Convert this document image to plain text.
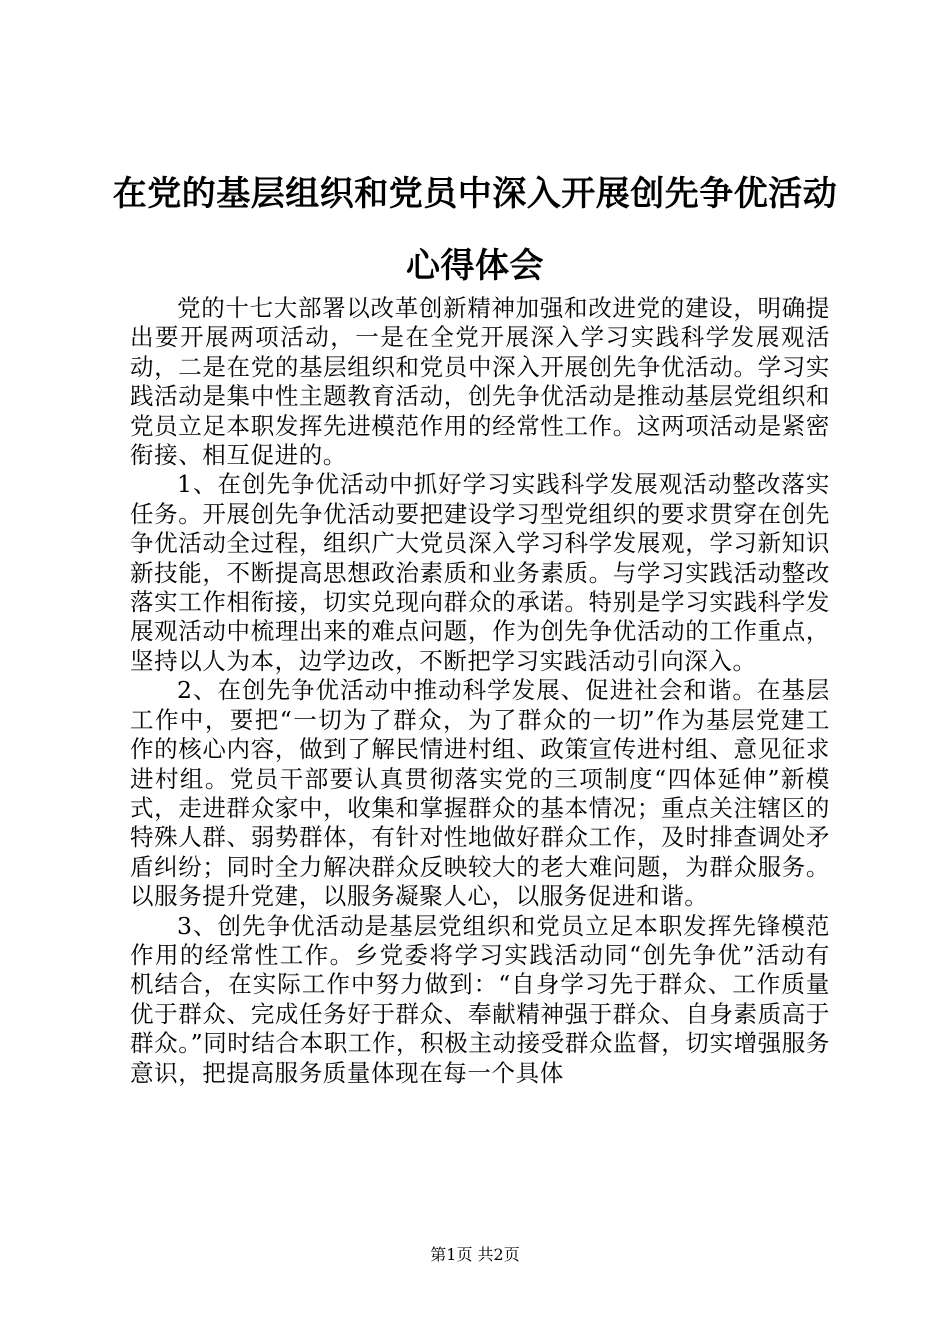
在党的基层组织和党员中深入开展创先争优活动心得体会

党的十七大部署以改革创新精神加强和改进党的建设，明确提出要开展两项活动，一是在全党开展深入学习实践科学发展观活动，二是在党的基层组织和党员中深入开展创先争优活动。学习实践活动是集中性主题教育活动，创先争优活动是推动基层党组织和党员立足本职发挥先进模范作用的经常性工作。这两项活动是紧密衔接、相互促进的。

1、在创先争优活动中抓好学习实践科学发展观活动整改落实任务。开展创先争优活动要把建设学习型党组织的要求贯穿在创先争优活动全过程，组织广大党员深入学习科学发展观，学习新知识新技能，不断提高思想政治素质和业务素质。与学习实践活动整改落实工作相衔接，切实兑现向群众的承诺。特别是学习实践科学发展观活动中梳理出来的难点问题，作为创先争优活动的工作重点，坚持以人为本，边学边改，不断把学习实践活动引向深入。

2、在创先争优活动中推动科学发展、促进社会和谐。在基层工作中，要把“一切为了群众，为了群众的一切”作为基层党建工作的核心内容，做到了解民情进村组、政策宣传进村组、意见征求进村组。党员干部要认真贯彻落实党的三项制度“四体延伸”新模式，走进群众家中，收集和掌握群众的基本情况；重点关注辖区的特殊人群、弱势群体，有针对性地做好群众工作，及时排查调处矛盾纠纷；同时全力解决群众反映较大的老大难问题，为群众服务。以服务提升党建，以服务凝聚人心，以服务促进和谐。

3、创先争优活动是基层党组织和党员立足本职发挥先锋模范作用的经常性工作。乡党委将学习实践活动同“创先争优”活动有机结合，在实际工作中努力做到：“自身学习先于群众、工作质量优于群众、完成任务好于群众、奉献精神强于群众、自身素质高于群众。”同时结合本职工作，积极主动接受群众监督，切实增强服务意识，把提高服务质量体现在每一个具体

第1页 共2页
